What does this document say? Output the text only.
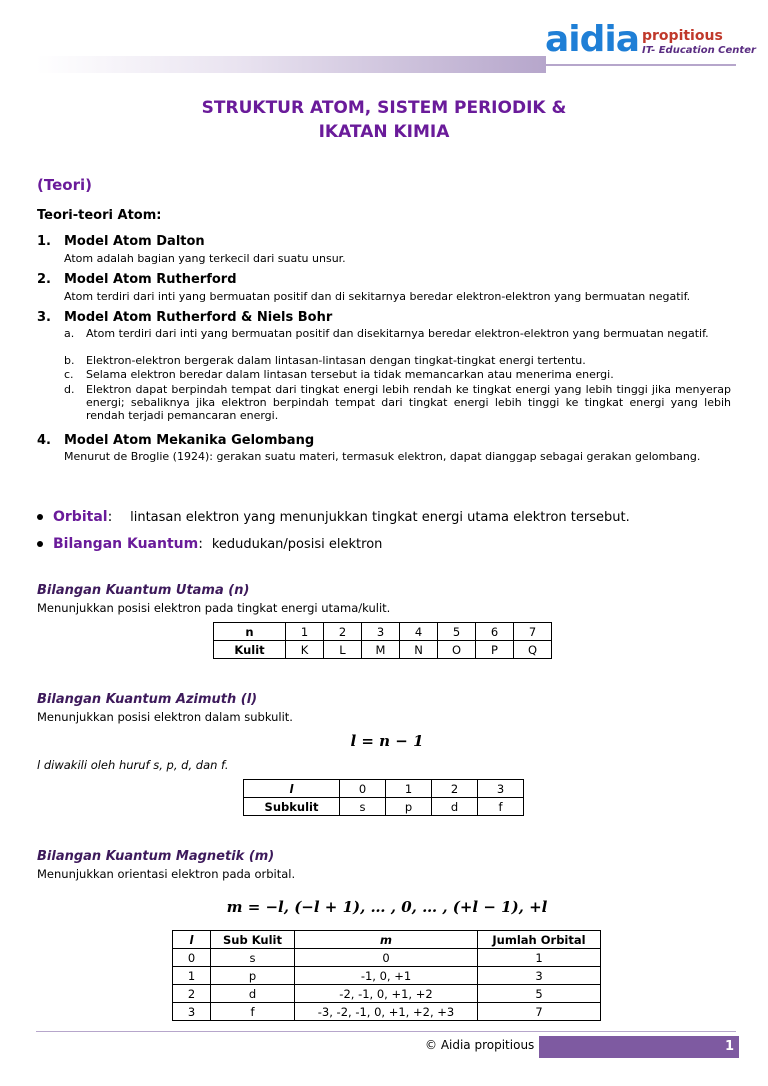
aidia propitious
IT- Education Center
STRUKTUR ATOM, SISTEM PERIODIK &
IKATAN KIMIA
(Teori)
Teori-teori Atom:
1. Model Atom Dalton
Atom adalah bagian yang terkecil dari suatu unsur.
2. Model Atom Rutherford
Atom terdiri dari inti yang bermuatan positif dan di sekitarnya beredar elektron-elektron yang bermuatan negatif.
3. Model Atom Rutherford & Niels Bohr
a. Atom terdiri dari inti yang bermuatan positif dan disekitarnya beredar elektron-elektron yang bermuatan negatif.
b. Elektron-elektron bergerak dalam lintasan-lintasan dengan tingkat-tingkat energi tertentu.
c. Selama elektron beredar dalam lintasan tersebut ia tidak memancarkan atau menerima energi.
d. Elektron dapat berpindah tempat dari tingkat energi lebih rendah ke tingkat energi yang lebih tinggi jika menyerap energi; sebaliknya jika elektron berpindah tempat dari tingkat energi lebih tinggi ke tingkat energi yang lebih rendah terjadi pemancaran energi.
4. Model Atom Mekanika Gelombang
Menurut de Broglie (1924): gerakan suatu materi, termasuk elektron, dapat dianggap sebagai gerakan gelombang.
Orbital: lintasan elektron yang menunjukkan tingkat energi utama elektron tersebut.
Bilangan Kuantum: kedudukan/posisi elektron
Bilangan Kuantum Utama (n)
Menunjukkan posisi elektron pada tingkat energi utama/kulit.
n	1	2	3	4	5	6	7
Kulit	K	L	M	N	O	P	Q
Bilangan Kuantum Azimuth (l)
Menunjukkan posisi elektron dalam subkulit.
l = n − 1
l diwakili oleh huruf s, p, d, dan f.
l	0	1	2	3
Subkulit	s	p	d	f
Bilangan Kuantum Magnetik (m)
Menunjukkan orientasi elektron pada orbital.
m = −l, (−l + 1), … , 0, … , (+l − 1), +l
l	Sub Kulit	m	Jumlah Orbital
0	s	0	1
1	p	-1, 0, +1	3
2	d	-2, -1, 0, +1, +2	5
3	f	-3, -2, -1, 0, +1, +2, +3	7
© Aidia propitious	1
